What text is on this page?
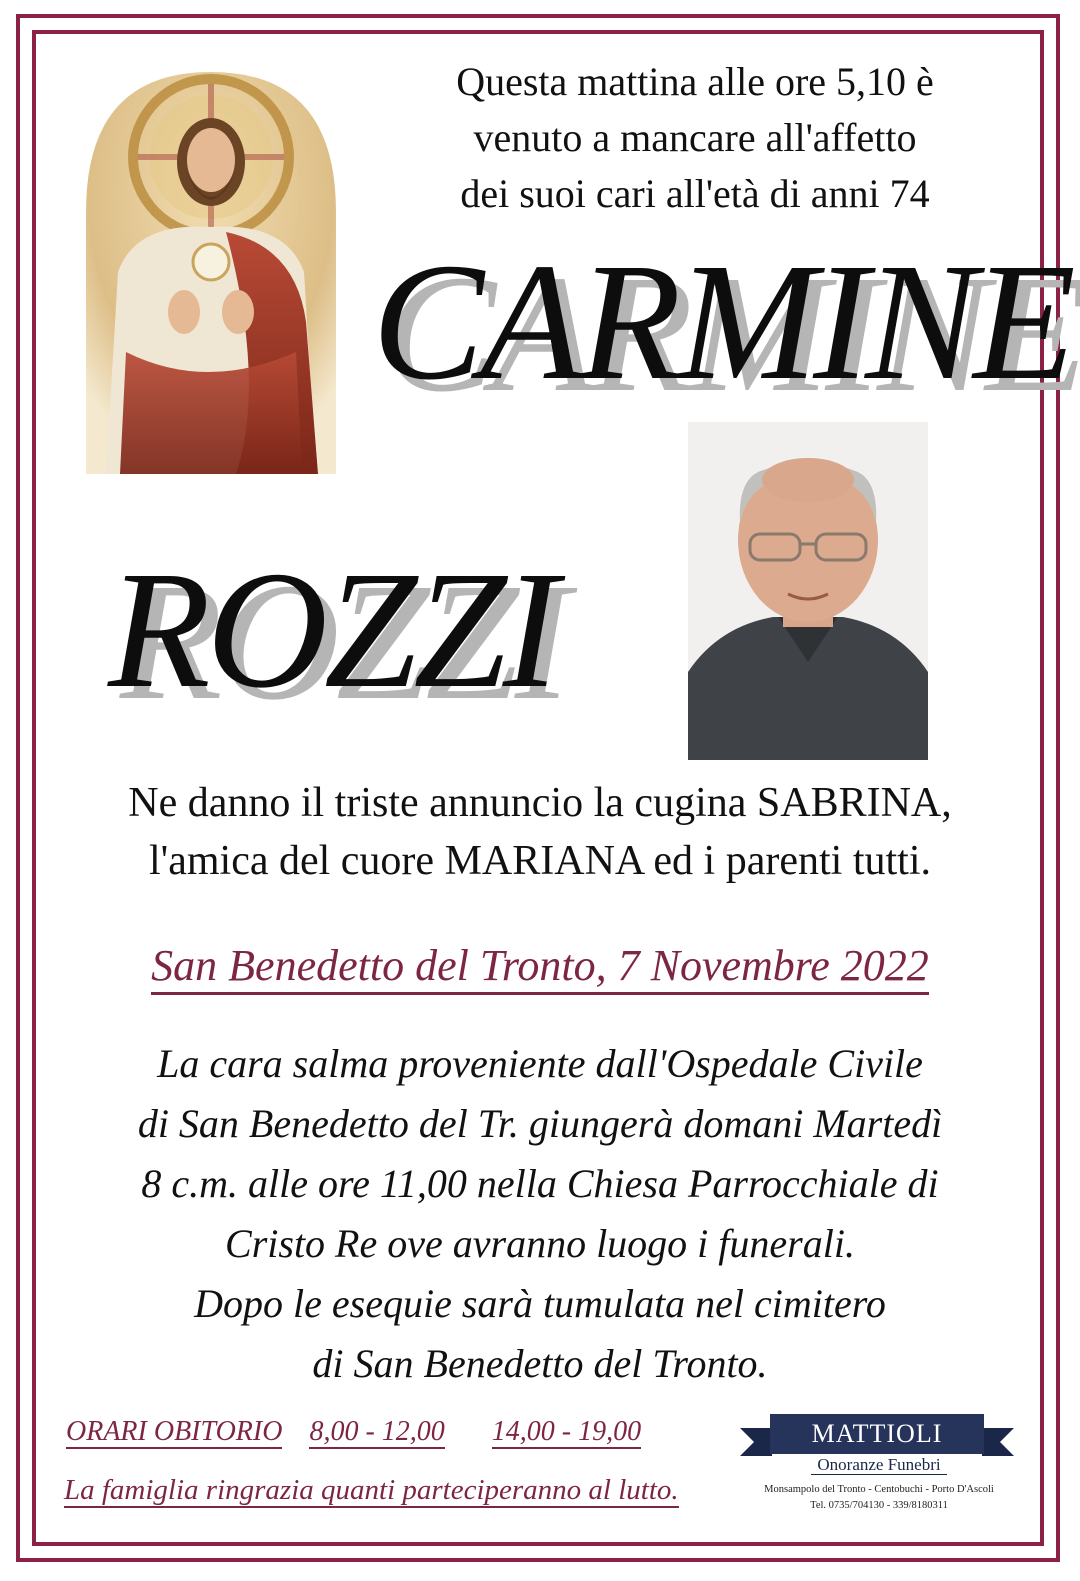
Questa mattina alle ore 5,10 è
venuto a mancare all'affetto
dei suoi cari all'età di anni 74
CARMINE
ROZZI
Ne danno il triste annuncio la cugina SABRINA,
l'amica del cuore MARIANA ed i parenti tutti.
San Benedetto del Tronto, 7 Novembre 2022
La cara salma proveniente dall'Ospedale Civile
di San Benedetto del Tr. giungerà domani Martedì
8 c.m. alle ore 11,00 nella Chiesa Parrocchiale di
Cristo Re ove avranno luogo i funerali.
Dopo le esequie sarà tumulata nel cimitero
di San Benedetto del Tronto.
ORARI OBITORIO 8,00 - 12,00 14,00 - 19,00
La famiglia ringrazia quanti parteciperanno al lutto.
MATTIOLI
Onoranze Funebri
Monsampolo del Tronto - Centobuchi - Porto D'Ascoli
Tel. 0735/704130 - 339/8180311
